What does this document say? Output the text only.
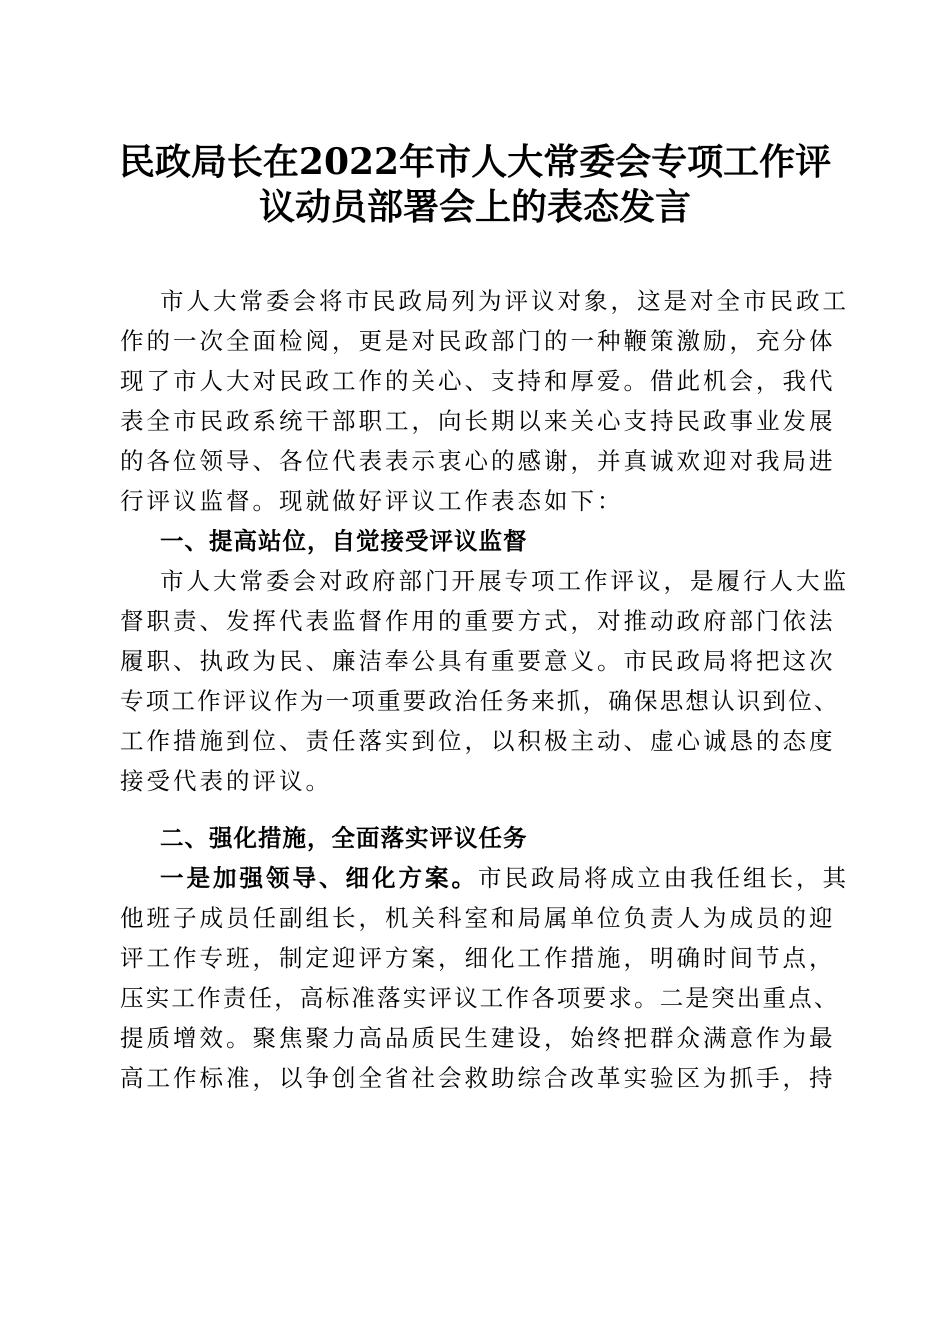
民政局长在2022年市人大常委会专项工作评
议动员部署会上的表态发言
市人大常委会将市民政局列为评议对象，这是对全市民政工
作的一次全面检阅，更是对民政部门的一种鞭策激励，充分体
现了市人大对民政工作的关心、支持和厚爱。借此机会，我代
表全市民政系统干部职工，向长期以来关心支持民政事业发展
的各位领导、各位代表表示衷心的感谢，并真诚欢迎对我局进
行评议监督。现就做好评议工作表态如下：
一、提高站位，自觉接受评议监督
市人大常委会对政府部门开展专项工作评议，是履行人大监
督职责、发挥代表监督作用的重要方式，对推动政府部门依法
履职、执政为民、廉洁奉公具有重要意义。市民政局将把这次
专项工作评议作为一项重要政治任务来抓，确保思想认识到位、
工作措施到位、责任落实到位，以积极主动、虚心诚恳的态度
接受代表的评议。
二、强化措施，全面落实评议任务
一是加强领导、细化方案。市民政局将成立由我任组长，其
他班子成员任副组长，机关科室和局属单位负责人为成员的迎
评工作专班，制定迎评方案，细化工作措施，明确时间节点，
压实工作责任，高标准落实评议工作各项要求。二是突出重点、
提质增效。聚焦聚力高品质民生建设，始终把群众满意作为最
高工作标准，以争创全省社会救助综合改革实验区为抓手，持
